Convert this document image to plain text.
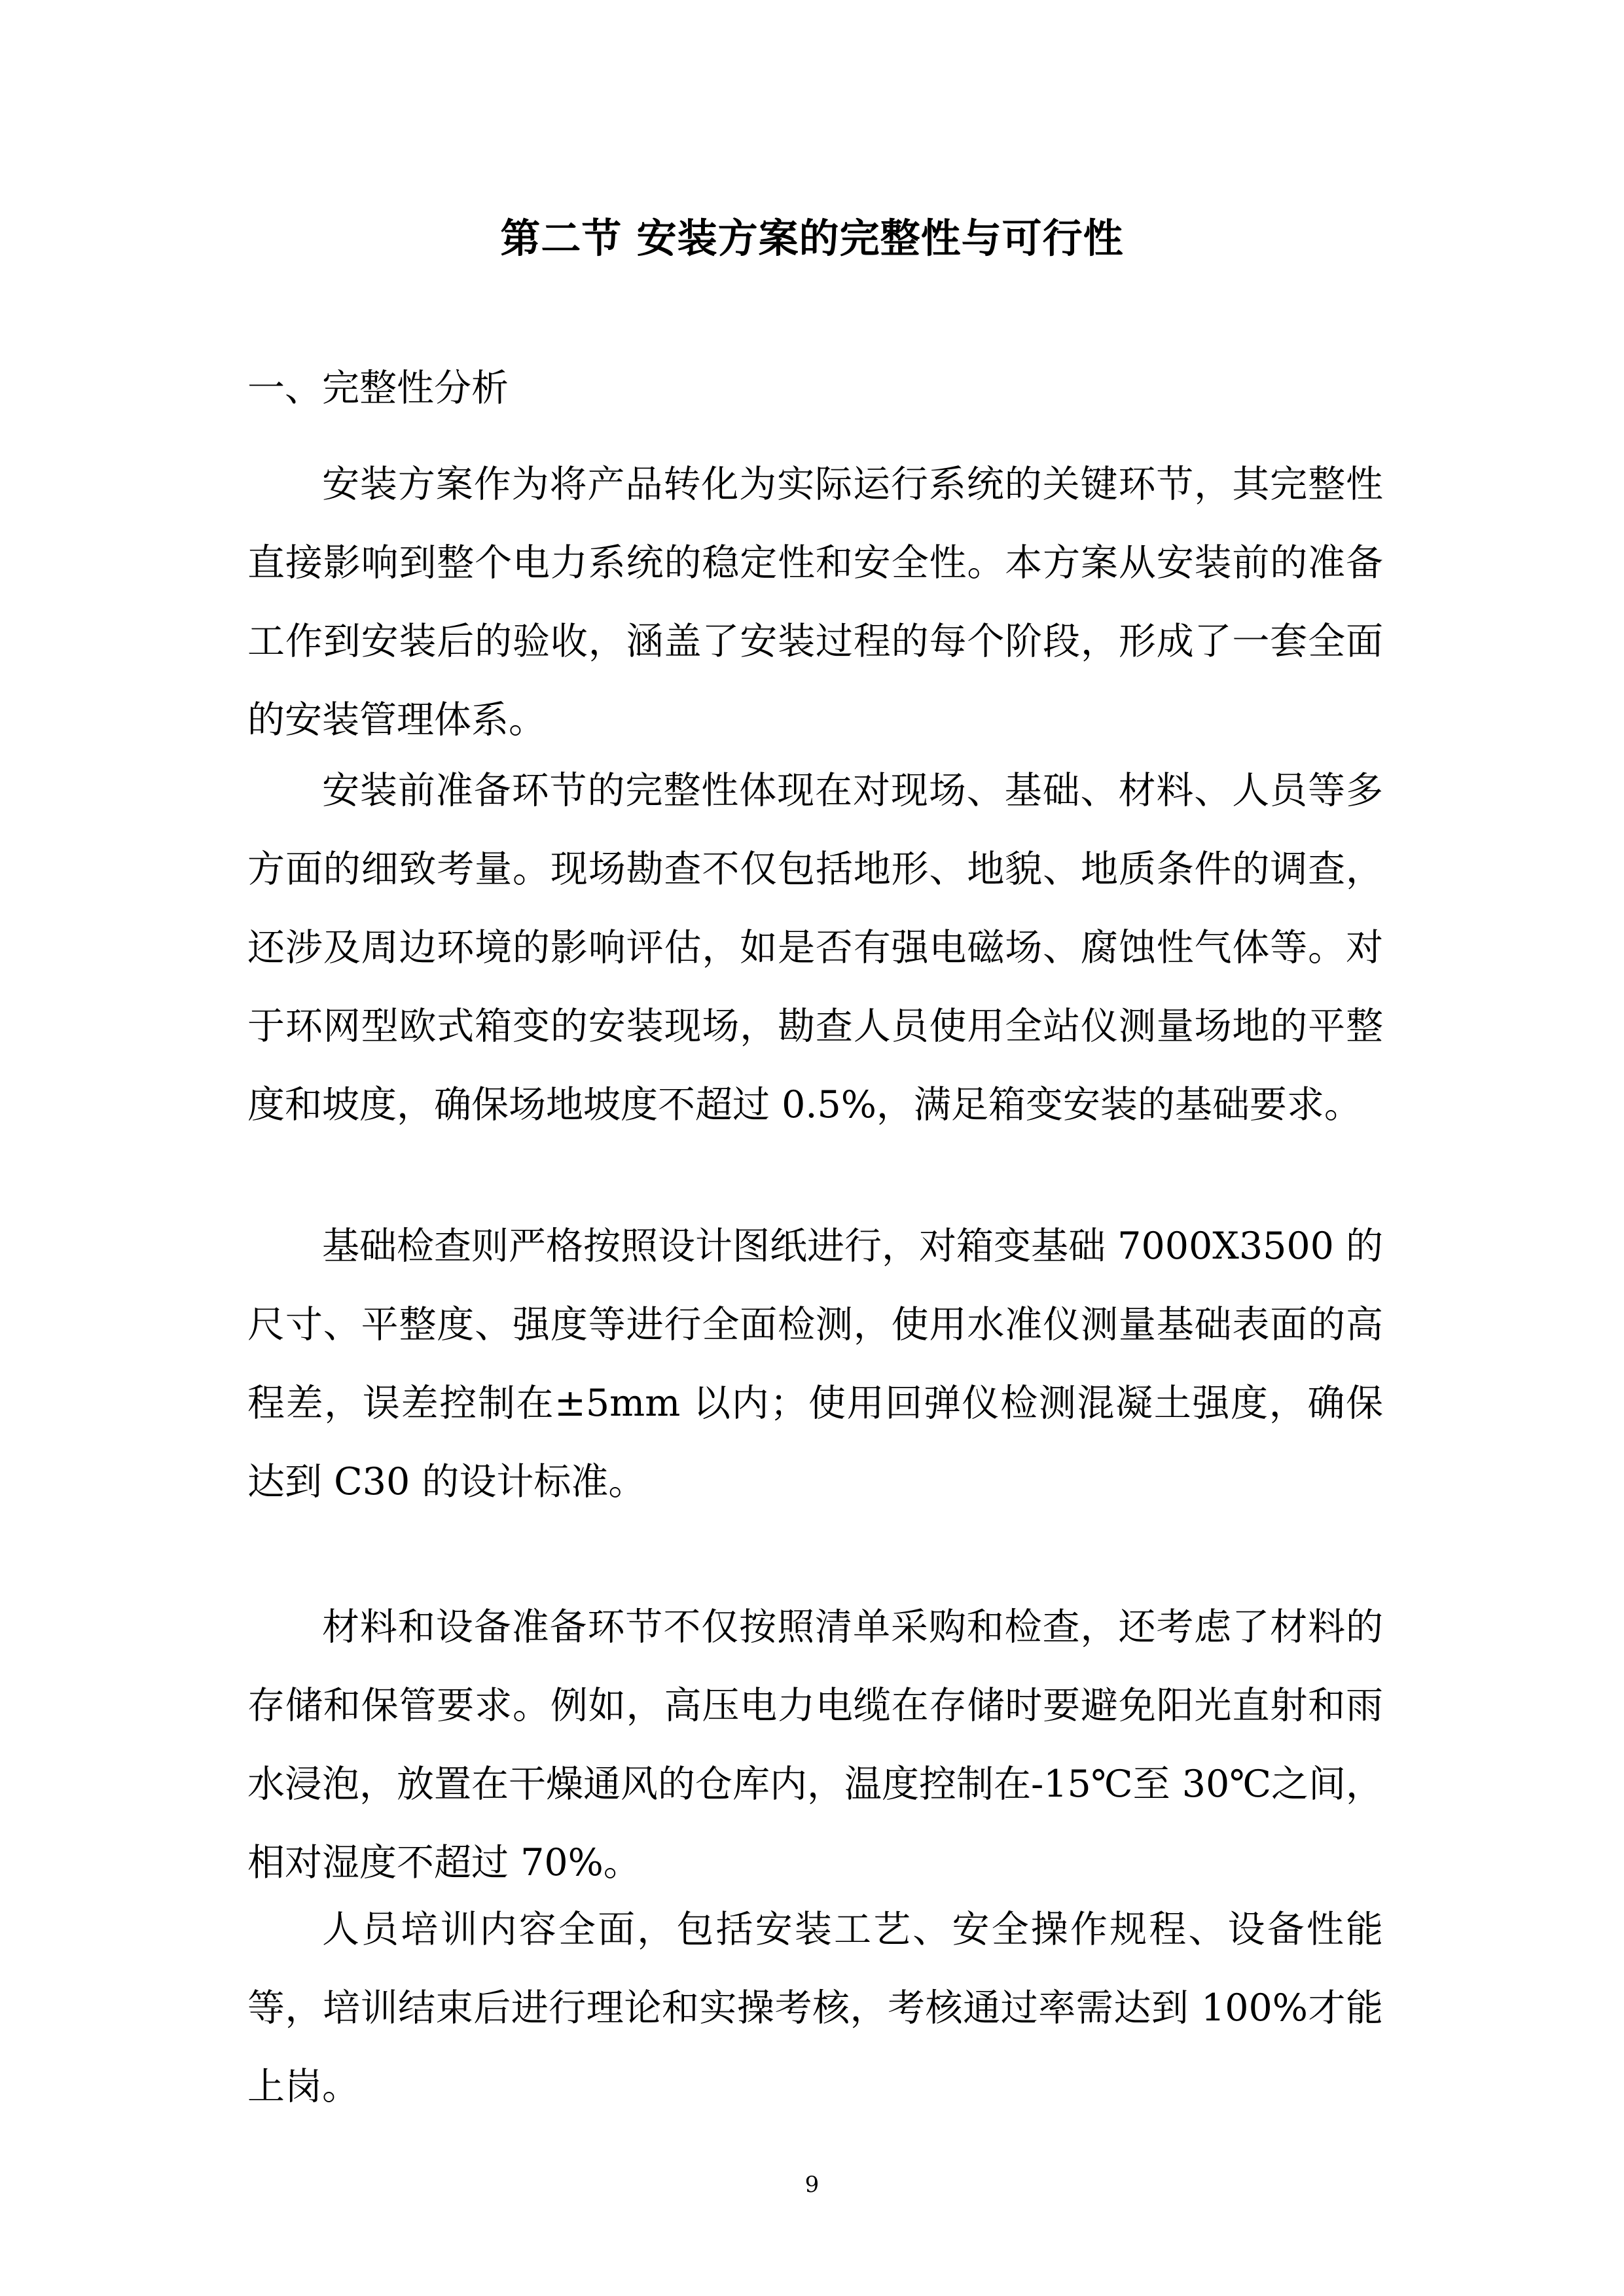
第二节 安装方案的完整性与可行性
一、完整性分析

安装方案作为将产品转化为实际运行系统的关键环节，其完整性直接影响到整个电力系统的稳定性和安全性。本方案从安装前的准备工作到安装后的验收，涵盖了安装过程的每个阶段，形成了一套全面的安装管理体系。

安装前准备环节的完整性体现在对现场、基础、材料、人员等多方面的细致考量。现场勘查不仅包括地形、地貌、地质条件的调查，还涉及周边环境的影响评估，如是否有强电磁场、腐蚀性气体等。对于环网型欧式箱变的安装现场，勘查人员使用全站仪测量场地的平整度和坡度，确保场地坡度不超过 0.5%，满足箱变安装的基础要求。

基础检查则严格按照设计图纸进行，对箱变基础 7000X3500 的尺寸、平整度、强度等进行全面检测，使用水准仪测量基础表面的高程差，误差控制在±5mm 以内；使用回弹仪检测混凝土强度，确保达到 C30 的设计标准。

材料和设备准备环节不仅按照清单采购和检查，还考虑了材料的存储和保管要求。例如，高压电力电缆在存储时要避免阳光直射和雨水浸泡，放置在干燥通风的仓库内，温度控制在-15℃至 30℃之间，相对湿度不超过 70%。

人员培训内容全面，包括安装工艺、安全操作规程、设备性能等，培训结束后进行理论和实操考核，考核通过率需达到 100%才能上岗。

9
